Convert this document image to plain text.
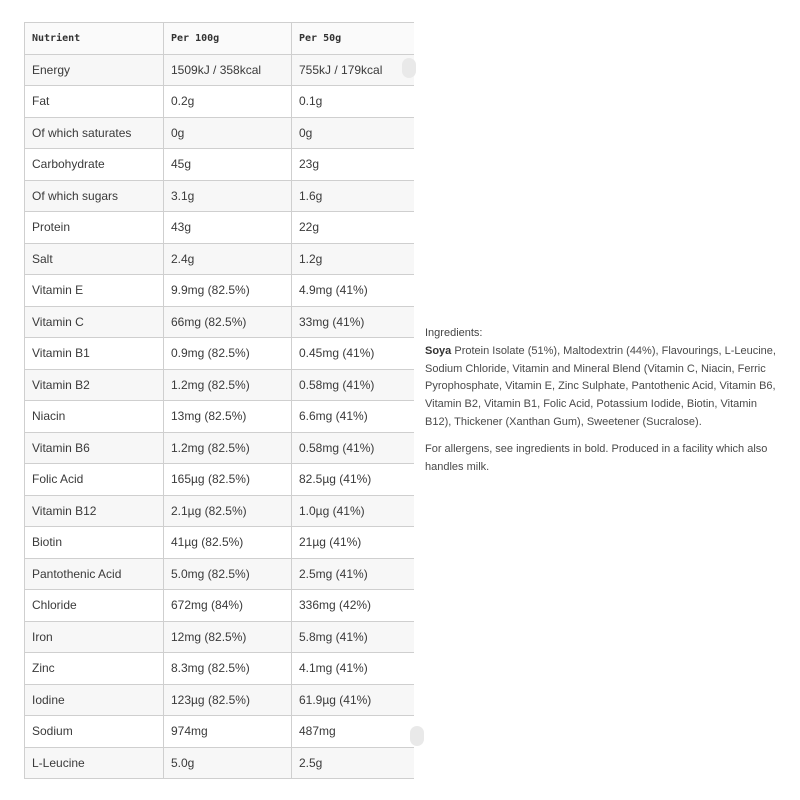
Nutrient	Per 100g	Per 50g
Energy	1509kJ / 358kcal	755kJ / 179kcal
Fat	0.2g	0.1g
Of which saturates	0g	0g
Carbohydrate	45g	23g
Of which sugars	3.1g	1.6g
Protein	43g	22g
Salt	2.4g	1.2g
Vitamin E	9.9mg (82.5%)	4.9mg (41%)
Vitamin C	66mg (82.5%)	33mg (41%)
Vitamin B1	0.9mg (82.5%)	0.45mg (41%)
Vitamin B2	1.2mg (82.5%)	0.58mg (41%)
Niacin	13mg (82.5%)	6.6mg (41%)
Vitamin B6	1.2mg (82.5%)	0.58mg (41%)
Folic Acid	165µg (82.5%)	82.5µg (41%)
Vitamin B12	2.1µg (82.5%)	1.0µg (41%)
Biotin	41µg (82.5%)	21µg (41%)
Pantothenic Acid	5.0mg (82.5%)	2.5mg (41%)
Chloride	672mg (84%)	336mg (42%)
Iron	12mg (82.5%)	5.8mg (41%)
Zinc	8.3mg (82.5%)	4.1mg (41%)
Iodine	123µg (82.5%)	61.9µg (41%)
Sodium	974mg	487mg
L-Leucine	5.0g	2.5g

Ingredients:

Soya Protein Isolate (51%), Maltodextrin (44%), Flavourings, L-Leucine, Sodium Chloride, Vitamin and Mineral Blend (Vitamin C, Niacin, Ferric Pyrophosphate, Vitamin E, Zinc Sulphate, Pantothenic Acid, Vitamin B6, Vitamin B2, Vitamin B1, Folic Acid, Potassium Iodide, Biotin, Vitamin B12), Thickener (Xanthan Gum), Sweetener (Sucralose).

For allergens, see ingredients in bold. Produced in a facility which also handles milk.
